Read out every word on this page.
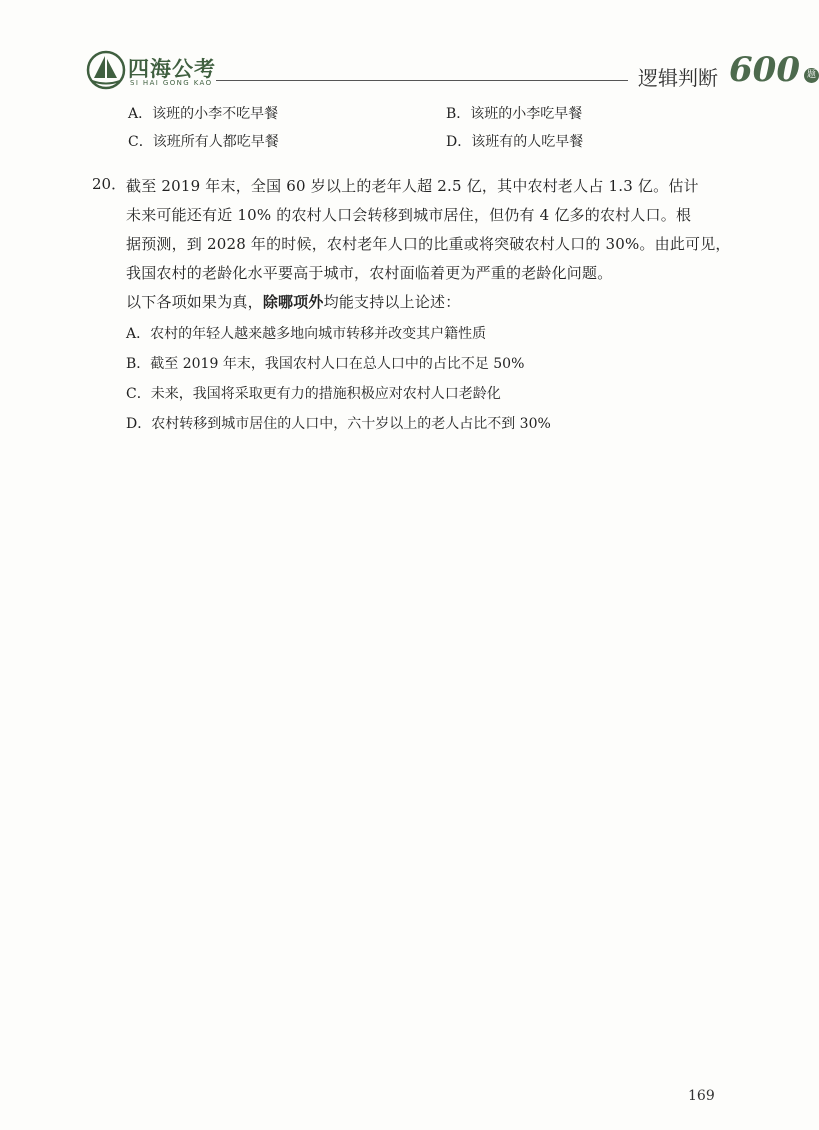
四海公考
SI HAI GONG KAO	逻辑判断 600 题
A．该班的小李不吃早餐	B．该班的小李吃早餐
C．该班所有人都吃早餐	D．该班有的人吃早餐
20． 截至 2019 年末，全国 60 岁以上的老年人超 2.5 亿，其中农村老人占 1.3 亿。估计

未来可能还有近 10% 的农村人口会转移到城市居住，但仍有 4 亿多的农村人口。根

据预测，到 2028 年的时候，农村老年人口的比重或将突破农村人口的 30%。由此可见，

我国农村的老龄化水平要高于城市，农村面临着更为严重的老龄化问题。

以下各项如果为真，除哪项外均能支持以上论述：

A．农村的年轻人越来越多地向城市转移并改变其户籍性质
B．截至 2019 年末，我国农村人口在总人口中的占比不足 50%
C．未来，我国将采取更有力的措施积极应对农村人口老龄化
D．农村转移到城市居住的人口中，六十岁以上的老人占比不到 30%
169
